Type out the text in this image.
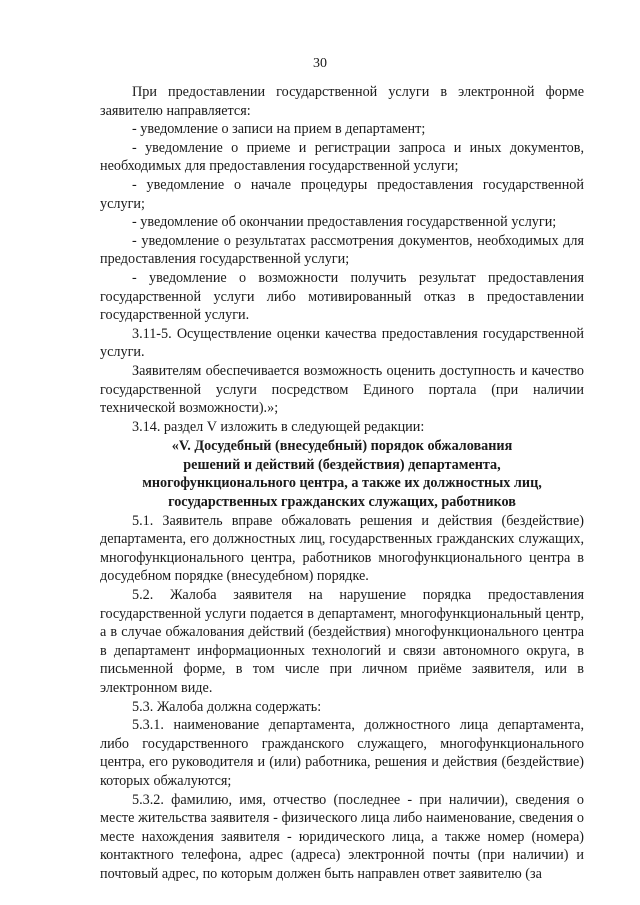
30

При предоставлении государственной услуги в электронной форме заявителю направляется:

- уведомление о записи на прием в департамент;

- уведомление о приеме и регистрации запроса и иных документов, необходимых для предоставления государственной услуги;

- уведомление о начале процедуры предоставления государственной услуги;

- уведомление об окончании предоставления государственной услуги;

- уведомление о результатах рассмотрения документов, необходимых для предоставления государственной услуги;

- уведомление о возможности получить результат предоставления государственной услуги либо мотивированный отказ в предоставлении государственной услуги.

3.11-5. Осуществление оценки качества предоставления государственной услуги.

Заявителям обеспечивается возможность оценить доступность и качество государственной услуги посредством Единого портала (при наличии технической возможности).»;

3.14. раздел V изложить в следующей редакции:

«V. Досудебный (внесудебный) порядок обжалования
решений и действий (бездействия) департамента,
многофункционального центра, а также их должностных лиц,
государственных гражданских служащих, работников

5.1. Заявитель вправе обжаловать решения и действия (бездействие) департамента, его должностных лиц, государственных гражданских служащих, многофункционального центра, работников многофункционального центра в досудебном порядке (внесудебном) порядке.

5.2. Жалоба заявителя на нарушение порядка предоставления государственной услуги подается в департамент, многофункциональный центр, а в случае обжалования действий (бездействия) многофункционального центра в департамент информационных технологий и связи автономного округа, в письменной форме, в том числе при личном приёме заявителя, или в электронном виде.

5.3. Жалоба должна содержать:

5.3.1. наименование департамента, должностного лица департамента, либо государственного гражданского служащего, многофункционального центра, его руководителя и (или) работника, решения и действия (бездействие) которых обжалуются;

5.3.2. фамилию, имя, отчество (последнее - при наличии), сведения о месте жительства заявителя - физического лица либо наименование, сведения о месте нахождения заявителя - юридического лица, а также номер (номера) контактного телефона, адрес (адреса) электронной почты (при наличии) и почтовый адрес, по которым должен быть направлен ответ заявителю (за
